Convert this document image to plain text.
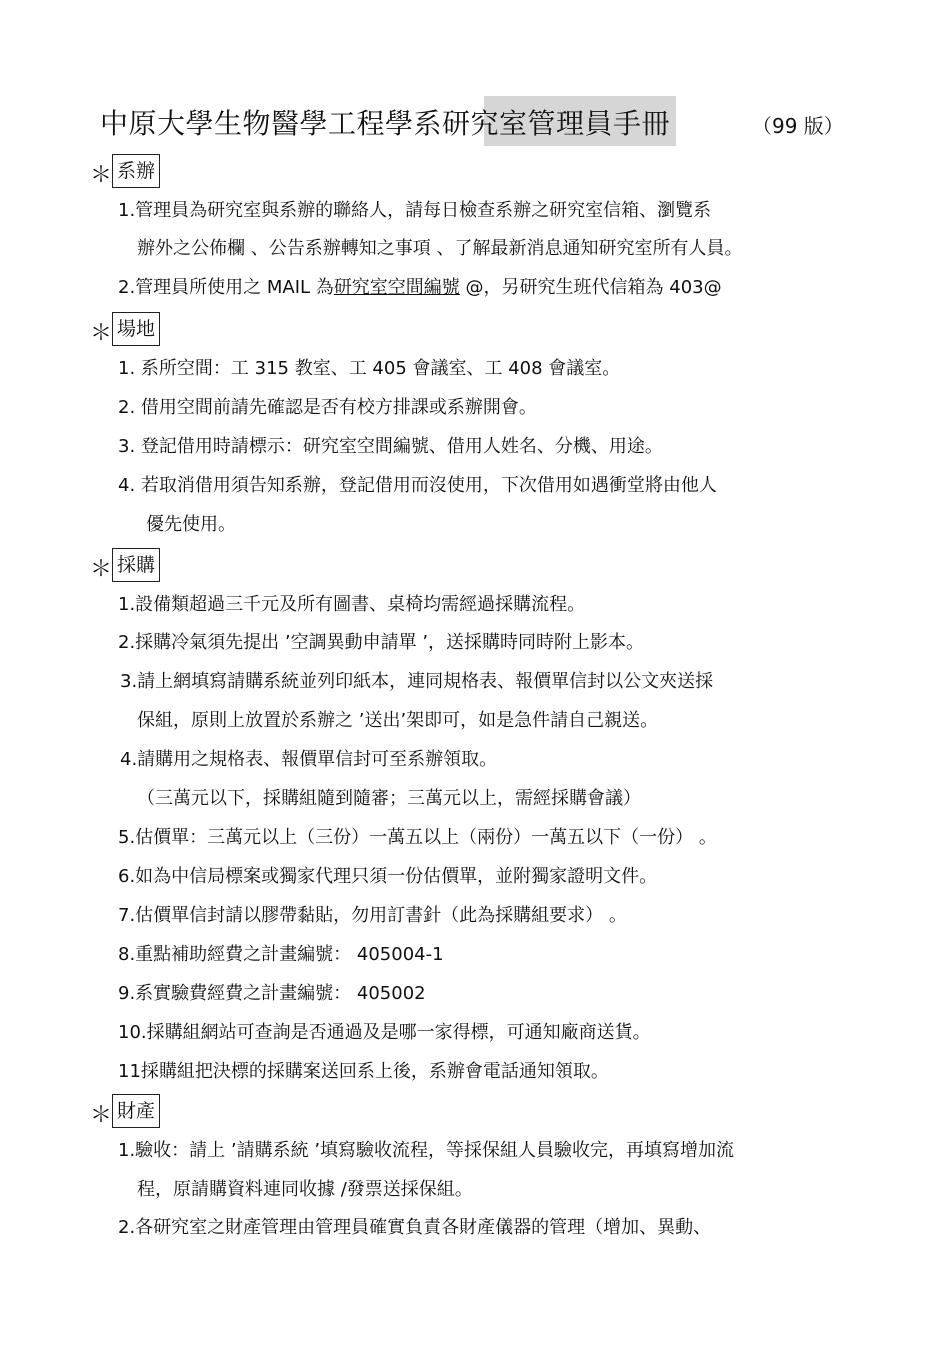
中原大學生物醫學工程學系研究室管理員手冊	（99 版）
＊ 系辦
1.管理員為研究室與系辦的聯絡人，請每日檢查系辦之研究室信箱、瀏覽系
辦外之公佈欄 、公告系辦轉知之事項 、了解最新消息通知研究室所有人員。
2.管理員所使用之 MAIL 為研究室空間編號 @，另研究生班代信箱為 403@
＊ 場地
1. 系所空間：工 315 教室、工 405 會議室、工 408 會議室。
2. 借用空間前請先確認是否有校方排課或系辦開會。
3. 登記借用時請標示：研究室空間編號、借用人姓名、分機、用途。
4. 若取消借用須告知系辦，登記借用而沒使用，下次借用如遇衝堂將由他人
優先使用。
＊ 採購
1.設備類超過三千元及所有圖書、桌椅均需經過採購流程。
2.採購冷氣須先提出 ’空調異動申請單 ’，送採購時同時附上影本。
3.請上網填寫請購系統並列印紙本，連同規格表、報價單信封以公文夾送採
保組，原則上放置於系辦之 ’送出’架即可，如是急件請自己親送。
4.請購用之規格表、報價單信封可至系辦領取。
（三萬元以下，採購組隨到隨審；三萬元以上，需經採購會議）
5.估價單：三萬元以上（三份）一萬五以上（兩份）一萬五以下（一份） 。
6.如為中信局標案或獨家代理只須一份估價單，並附獨家證明文件。
7.估價單信封請以膠帶黏貼，勿用訂書針（此為採購組要求） 。
8.重點補助經費之計畫編號： 405004-1
9.系實驗費經費之計畫編號： 405002
10.採購組網站可查詢是否通過及是哪一家得標，可通知廠商送貨。
11採購組把決標的採購案送回系上後，系辦會電話通知領取。
＊ 財產
1.驗收：請上 ’請購系統 ’填寫驗收流程，等採保組人員驗收完，再填寫增加流
程，原請購資料連同收據 /發票送採保組。
2.各研究室之財產管理由管理員確實負責各財產儀器的管理（增加、異動、
